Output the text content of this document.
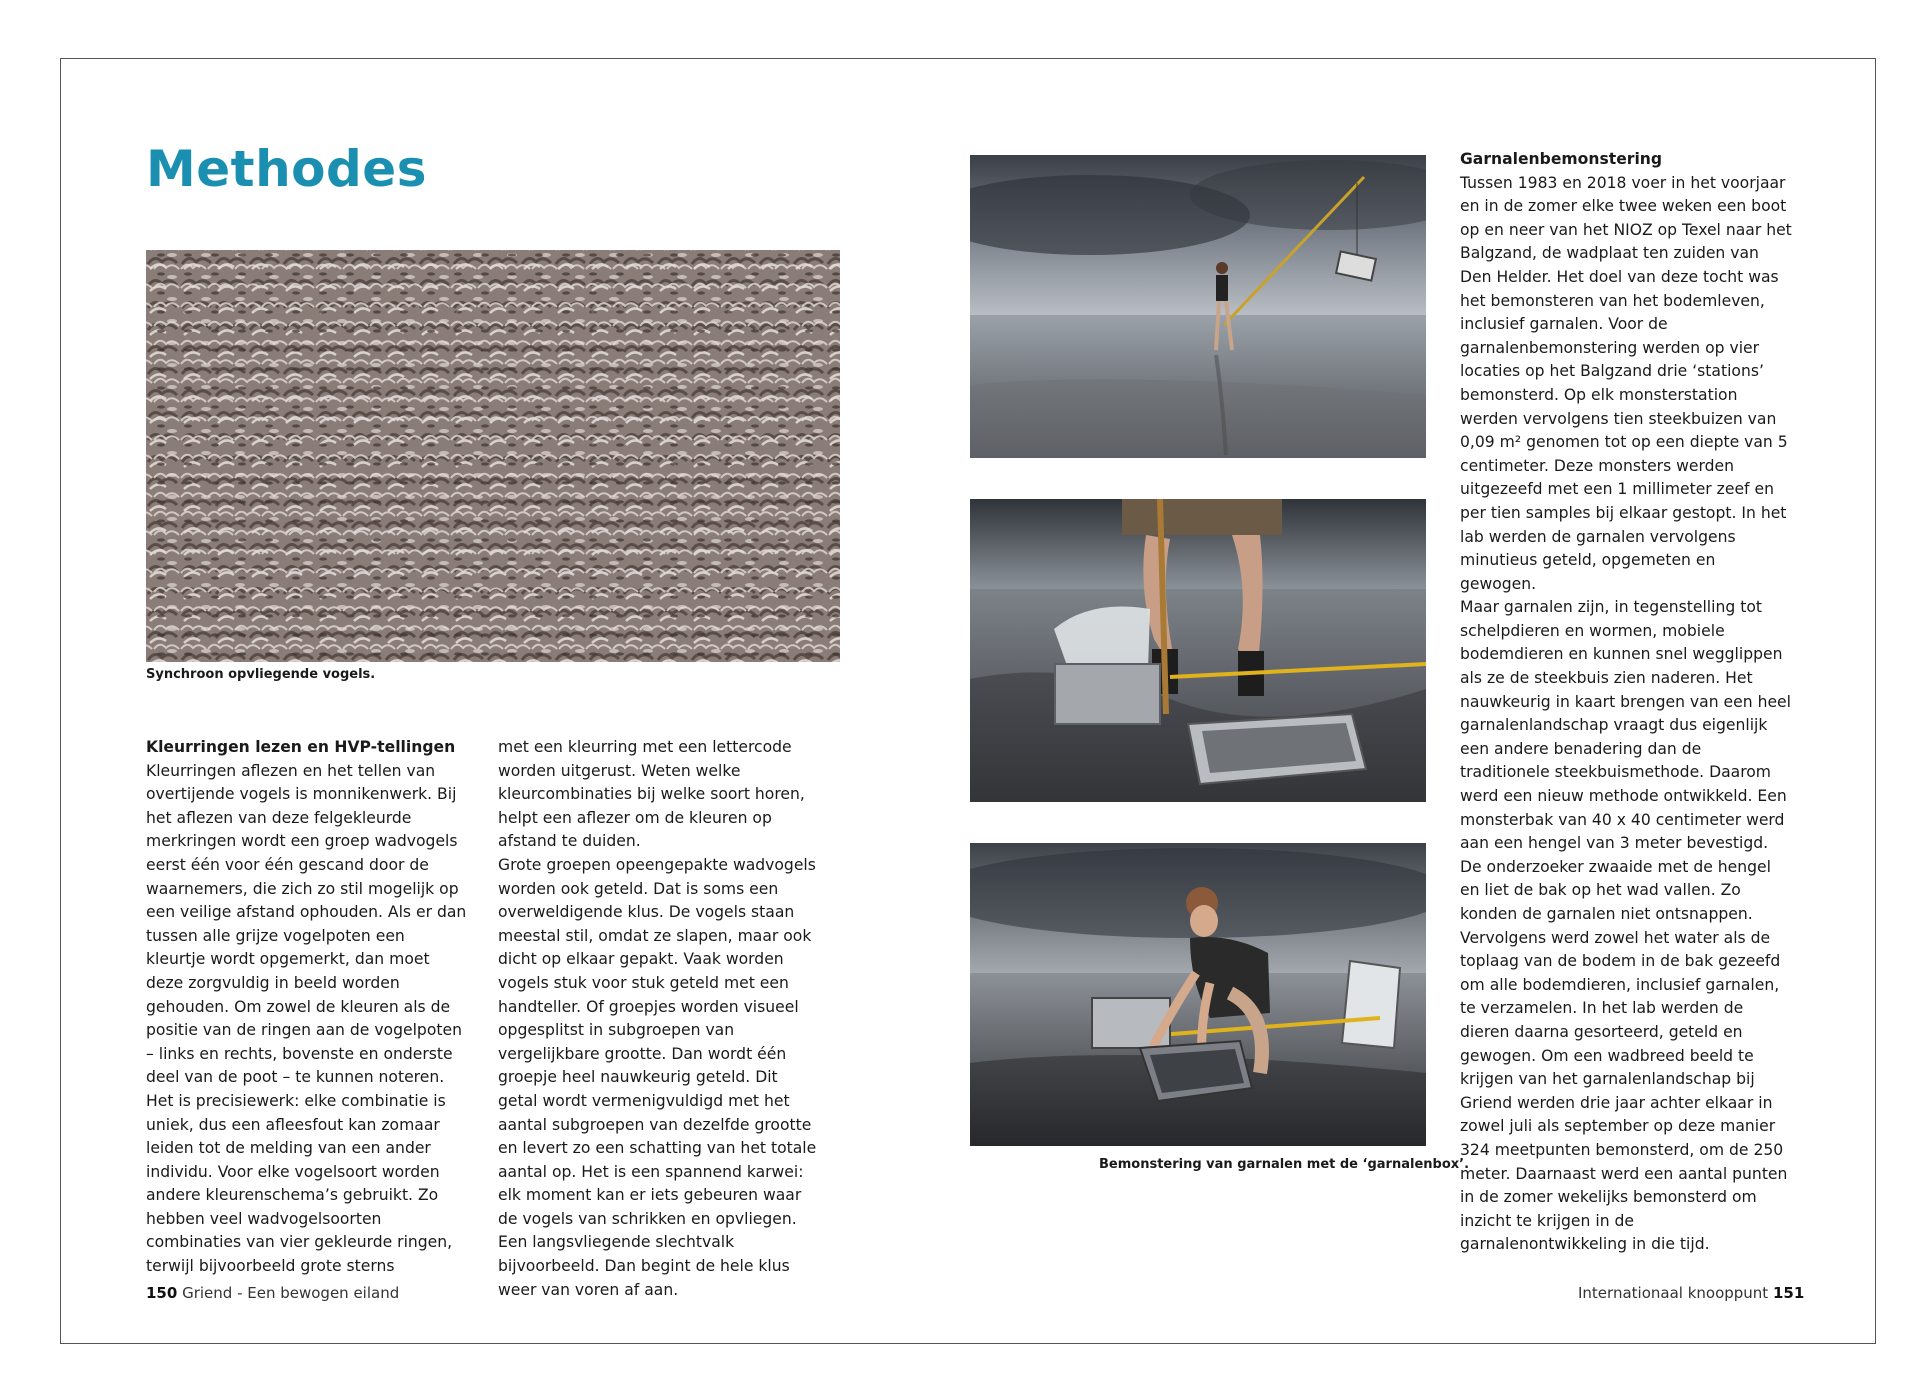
Methodes
Synchroon opvliegende vogels.
Kleurringen lezen en HVP-tellingen

Kleurringen aflezen en het tellen van overtijende vogels is monnikenwerk. Bij het aflezen van deze felgekleurde merkringen wordt een groep wadvogels eerst één voor één gescand door de waarnemers, die zich zo stil mogelijk op een veilige afstand ophouden. Als er dan tussen alle grijze vogelpoten een kleurtje wordt opgemerkt, dan moet deze zorgvuldig in beeld worden gehouden. Om zowel de kleuren als de positie van de ringen aan de vogelpoten – links en rechts, bovenste en onderste deel van de poot – te kunnen noteren. Het is precisiewerk: elke combinatie is uniek, dus een afleesfout kan zomaar leiden tot de melding van een ander individu. Voor elke vogelsoort worden andere kleurenschema’s gebruikt. Zo hebben veel wadvogelsoorten combinaties van vier gekleurde ringen, terwijl bijvoorbeeld grote sterns

met een kleurring met een lettercode worden uitgerust. Weten welke kleurcombinaties bij welke soort horen, helpt een aflezer om de kleuren op afstand te duiden.

Grote groepen opeengepakte wadvogels worden ook geteld. Dat is soms een overweldigende klus. De vogels staan meestal stil, omdat ze slapen, maar ook dicht op elkaar gepakt. Vaak worden vogels stuk voor stuk geteld met een handteller. Of groepjes worden visueel opgesplitst in subgroepen van vergelijkbare grootte. Dan wordt één groepje heel nauwkeurig geteld. Dit getal wordt vermenigvuldigd met het aantal subgroepen van dezelfde grootte en levert zo een schatting van het totale aantal op. Het is een spannend karwei: elk moment kan er iets gebeuren waar de vogels van schrikken en opvliegen. Een langsvliegende slechtvalk bijvoorbeeld. Dan begint de hele klus weer van voren af aan.

150 Griend - Een bewogen eiland
Bemonstering van garnalen met de ‘garnalenbox’.
Garnalenbemonstering

Tussen 1983 en 2018 voer in het voorjaar en in de zomer elke twee weken een boot op en neer van het NIOZ op Texel naar het Balgzand, de wadplaat ten zuiden van Den Helder. Het doel van deze tocht was het bemonsteren van het bodemleven, inclusief garnalen. Voor de garnalenbemonstering werden op vier locaties op het Balgzand drie ‘stations’ bemonsterd. Op elk monsterstation werden vervolgens tien steekbuizen van 0,09 m² genomen tot op een diepte van 5 centimeter. Deze monsters werden uitgezeefd met een 1 millimeter zeef en per tien samples bij elkaar gestopt. In het lab werden de garnalen vervolgens minutieus geteld, opgemeten en gewogen.

Maar garnalen zijn, in tegenstelling tot schelpdieren en wormen, mobiele bodemdieren en kunnen snel wegglippen als ze de steekbuis zien naderen. Het nauwkeurig in kaart brengen van een heel garnalenlandschap vraagt dus eigenlijk een andere benadering dan de traditionele steekbuismethode. Daarom werd een nieuw methode ontwikkeld. Een monsterbak van 40 x 40 centimeter werd aan een hengel van 3 meter bevestigd. De onderzoeker zwaaide met de hengel en liet de bak op het wad vallen. Zo konden de garnalen niet ontsnappen. Vervolgens werd zowel het water als de toplaag van de bodem in de bak gezeefd om alle bodemdieren, inclusief garnalen, te verzamelen. In het lab werden de dieren daarna gesorteerd, geteld en gewogen. Om een wadbreed beeld te krijgen van het garnalenlandschap bij Griend werden drie jaar achter elkaar in zowel juli als september op deze manier 324 meetpunten bemonsterd, om de 250 meter. Daarnaast werd een aantal punten in de zomer wekelijks bemonsterd om inzicht te krijgen in de garnalenontwikkeling in die tijd.

Internationaal knooppunt 151
